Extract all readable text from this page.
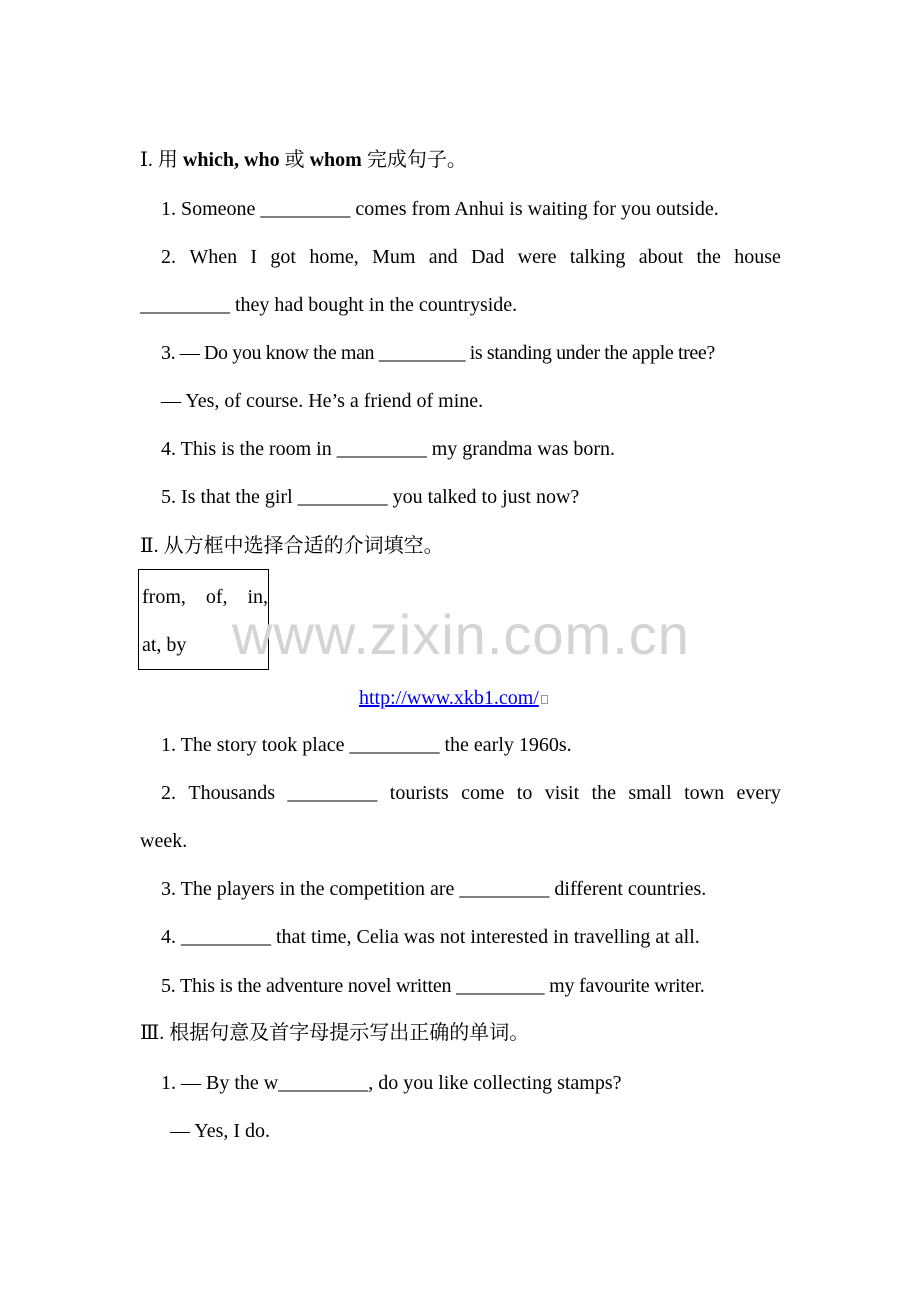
Ⅰ. 用 which, who 或 whom 完成句子。
1. Someone _________ comes from Anhui is waiting for you outside.
2. When I got home, Mum and Dad were talking about the house
_________ they had bought in the countryside.
3. — Do you know the man _________ is standing under the apple tree?
— Yes, of course. He’s a friend of mine.
4. This is the room in _________ my grandma was born.
5. Is that the girl _________ you talked to just now?
Ⅱ. 从方框中选择合适的介词填空。
from, of, in,
at, by www.zixin.com.cn
http://www.xkb1.com/
1. The story took place _________ the early 1960s.
2. Thousands _________ tourists come to visit the small town every
week.
3. The players in the competition are _________ different countries.
4. _________ that time, Celia was not interested in travelling at all.
5. This is the adventure novel written _________ my favourite writer.
Ⅲ. 根据句意及首字母提示写出正确的单词。
1. — By the w_________, do you like collecting stamps?
— Yes, I do.
